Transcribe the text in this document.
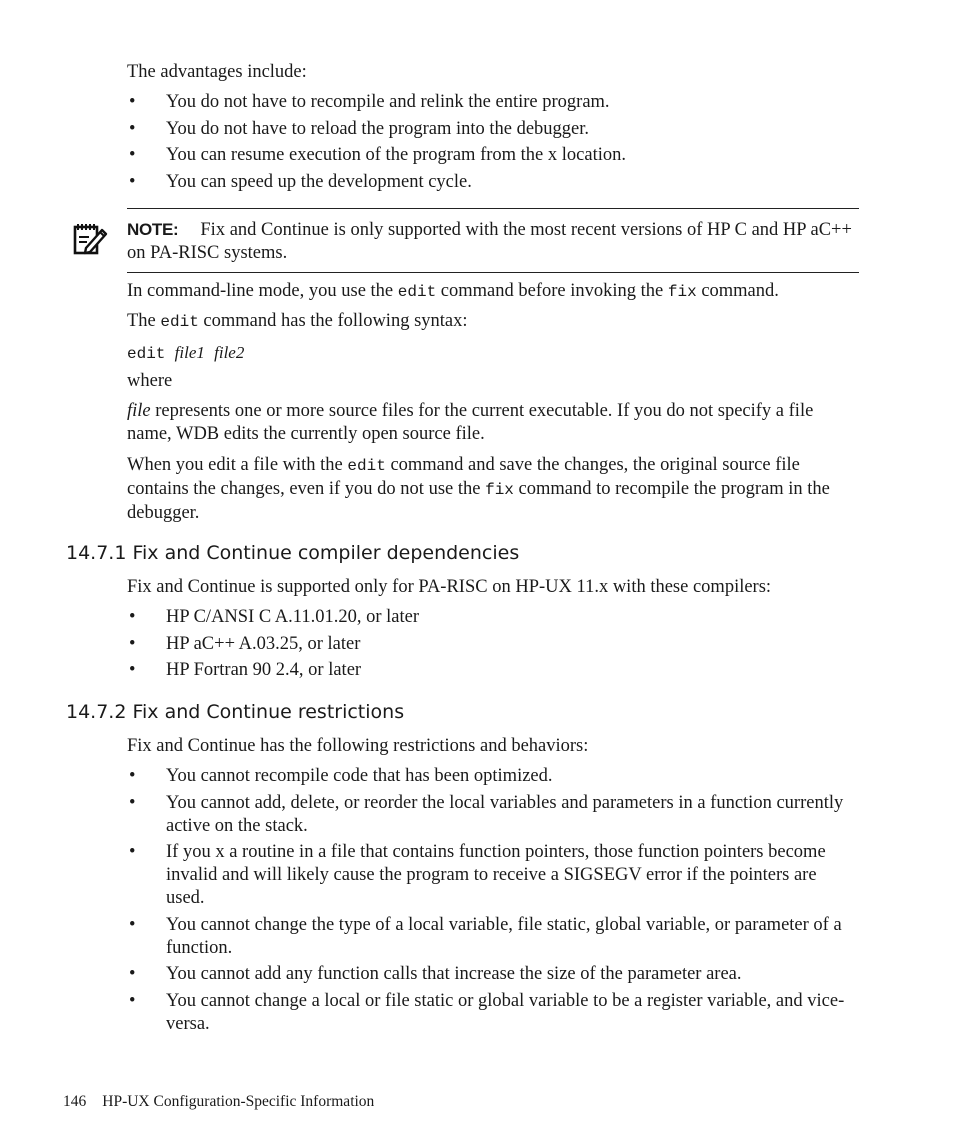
The advantages include:

• You do not have to recompile and relink the entire program.
• You do not have to reload the program into the debugger.
• You can resume execution of the program from the x location.
• You can speed up the development cycle.
NOTE: Fix and Continue is only supported with the most recent versions of HP C and HP aC++ on PA-RISC systems.

In command-line mode, you use the edit command before invoking the fix command.

The edit command has the following syntax:

edit file1 file2

where

file represents one or more source files for the current executable. If you do not specify a file name, WDB edits the currently open source file.

When you edit a file with the edit command and save the changes, the original source file contains the changes, even if you do not use the fix command to recompile the program in the debugger.

14.7.1 Fix and Continue compiler dependencies

Fix and Continue is supported only for PA-RISC on HP-UX 11.x with these compilers:

• HP C/ANSI C A.11.01.20, or later
• HP aC++ A.03.25, or later
• HP Fortran 90 2.4, or later
14.7.2 Fix and Continue restrictions

Fix and Continue has the following restrictions and behaviors:

• You cannot recompile code that has been optimized.
• You cannot add, delete, or reorder the local variables and parameters in a function currently active on the stack.
• If you x a routine in a file that contains function pointers, those function pointers become invalid and will likely cause the program to receive a SIGSEGV error if the pointers are used.
• You cannot change the type of a local variable, file static, global variable, or parameter of a function.
• You cannot add any function calls that increase the size of the parameter area.
• You cannot change a local or file static or global variable to be a register variable, and vice-versa.
146 HP-UX Configuration-Specific Information
